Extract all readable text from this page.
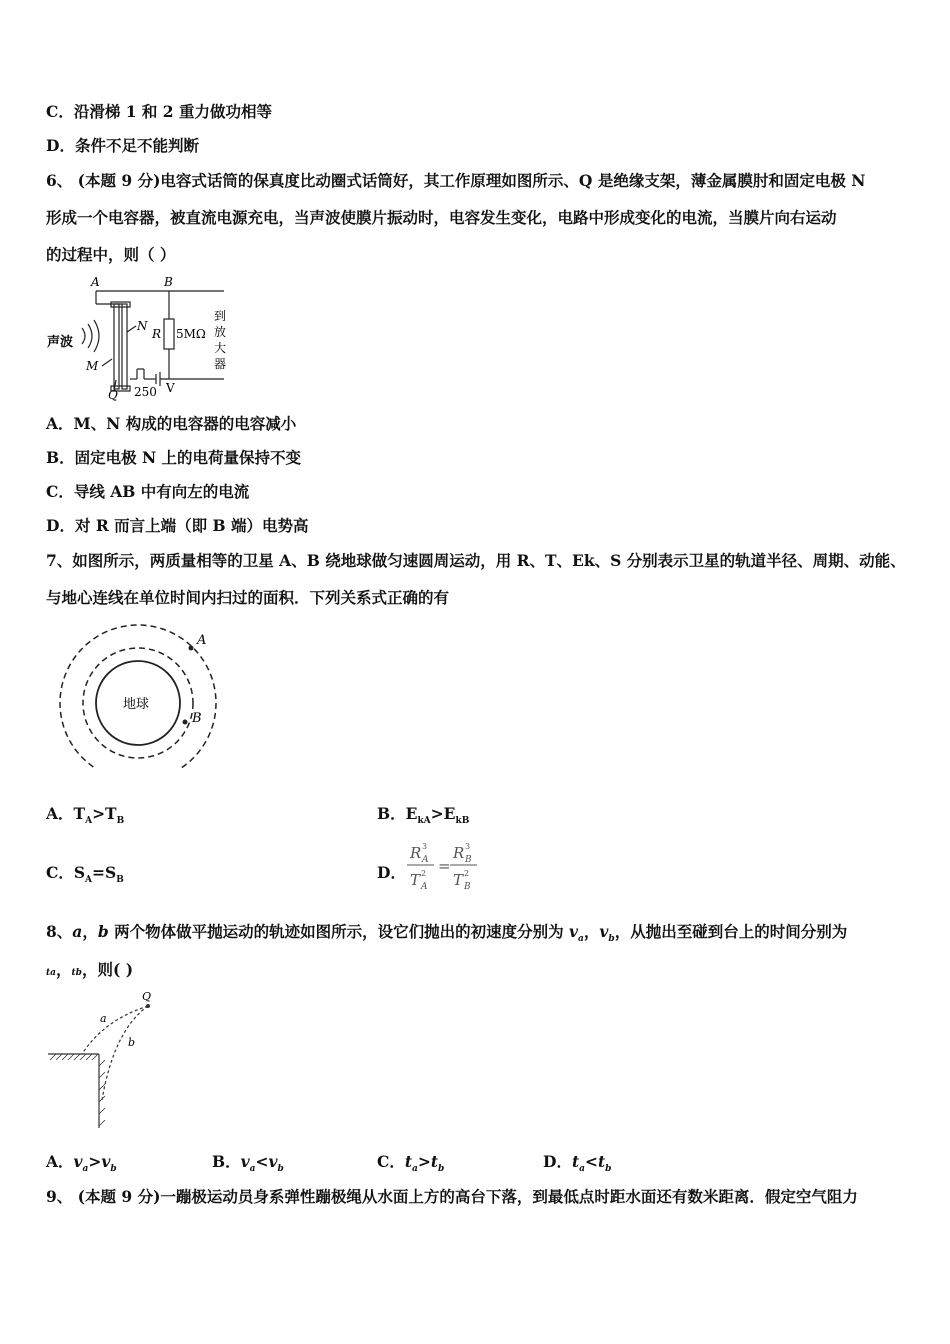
C．沿滑梯 1 和 2 重力做功相等
D．条件不足不能判断
6、 (本题 9 分)电容式话筒的保真度比动圈式话筒好，其工作原理如图所示、Q 是绝缘支架，薄金属膜肘和固定电极 N
形成一个电容器，被直流电源充电，当声波使膜片振动时，电容发生变化，电路中形成变化的电流，当膜片向右运动
的过程中，则（ ）
A	B
N
R 5MΩ
到
放
大
器
声波
M
Q 250 V
A．M、N 构成的电容器的电容减小
B．固定电极 N 上的电荷量保持不变
C．导线 AB 中有向左的电流
D．对 R 而言上端（即 B 端）电势高
7、如图所示，两质量相等的卫星 A、B 绕地球做匀速圆周运动，用 R、T、Ek、S 分别表示卫星的轨道半径、周期、动能、
与地心连线在单位时间内扫过的面积．下列关系式正确的有
地球
A
B
A．$T_A>T_B$	B．$E_{kA}>E_{kB}$
C．$S_A=S_B$	D．
R A
3
T A
2 =
R B
3
T B
2
8、a，b 两个物体做平抛运动的轨迹如图所示，设它们抛出的初速度分别为 $v_a$，$v_b$，从抛出至碰到台上的时间分别为
ta，tb，则( )
Q
a
b
A．$v_a>v_b$	B．$v_a<v_b$	C．$t_a>t_b$	D．$t_a<t_b$
9、 (本题 9 分)一蹦极运动员身系弹性蹦极绳从水面上方的高台下落，到最低点时距水面还有数米距离．假定空气阻力
